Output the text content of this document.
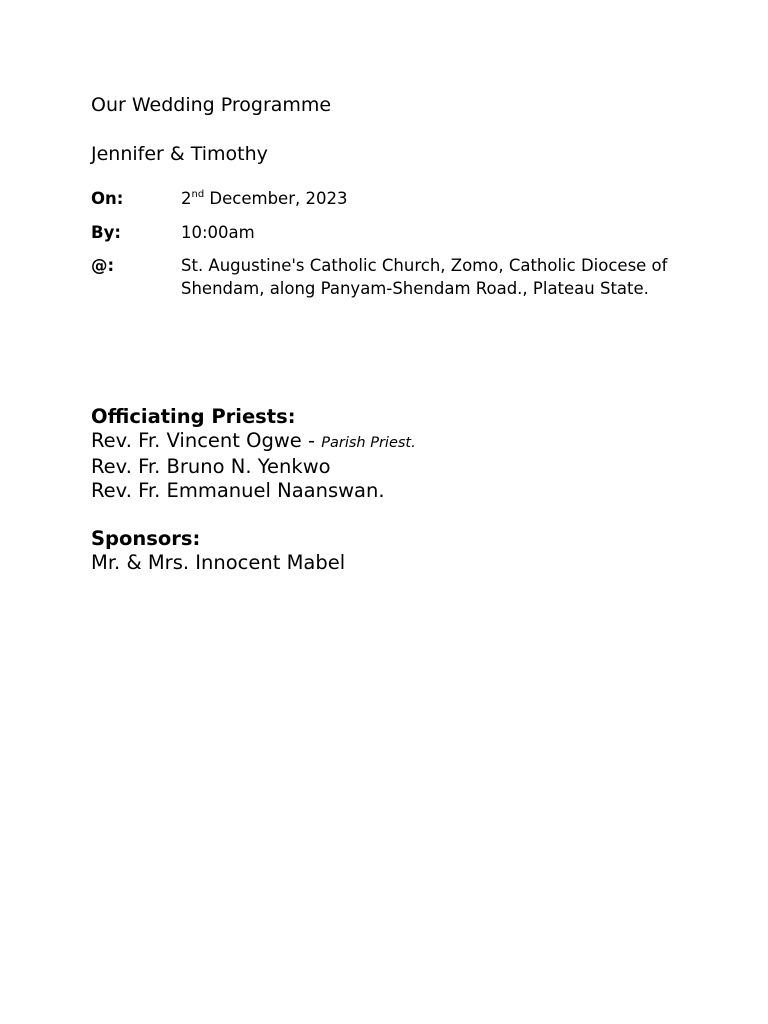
Our Wedding Programme
Jennifer & Timothy
On:	2nd December, 2023
By:	10:00am
@:	St. Augustine's Catholic Church, Zomo, Catholic Diocese of Shendam, along Panyam-Shendam Road., Plateau State.
Officiating Priests:
Rev. Fr. Vincent Ogwe - Parish Priest.
Rev. Fr. Bruno N. Yenkwo
Rev. Fr. Emmanuel Naanswan.
Sponsors:
Mr. & Mrs. Innocent Mabel
